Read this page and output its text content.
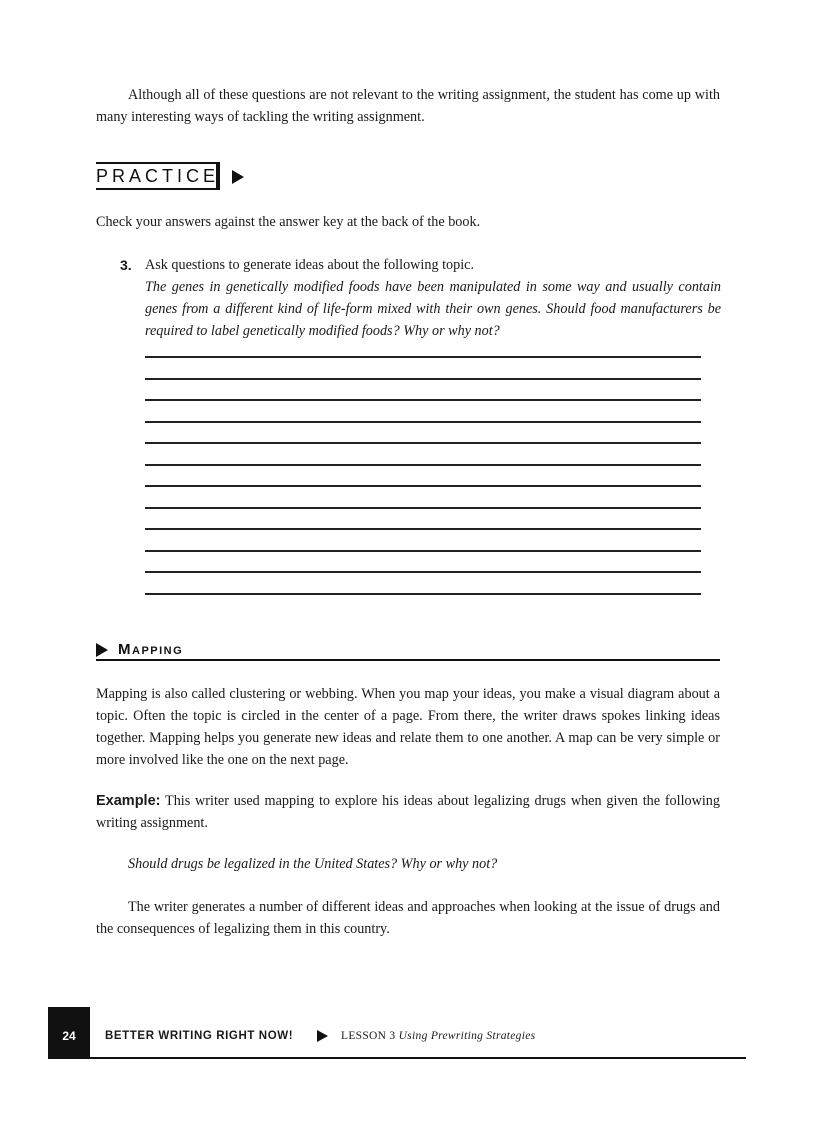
Although all of these questions are not relevant to the writing assignment, the student has come up with many interesting ways of tackling the writing assignment.

PRACTICE

Check your answers against the answer key at the back of the book.

3. Ask questions to generate ideas about the following topic.

The genes in genetically modified foods have been manipulated in some way and usually contain genes from a different kind of life-form mixed with their own genes. Should food manufacturers be required to label genetically modified foods? Why or why not?

Mapping

Mapping is also called clustering or webbing. When you map your ideas, you make a visual diagram about a topic. Often the topic is circled in the center of a page. From there, the writer draws spokes linking ideas together. Mapping helps you generate new ideas and relate them to one another. A map can be very simple or more involved like the one on the next page.

Example: This writer used mapping to explore his ideas about legalizing drugs when given the following writing assignment.

Should drugs be legalized in the United States? Why or why not?

The writer generates a number of different ideas and approaches when looking at the issue of drugs and the consequences of legalizing them in this country.

24	BETTER WRITING RIGHT NOW!	LESSON 3 Using Prewriting Strategies
